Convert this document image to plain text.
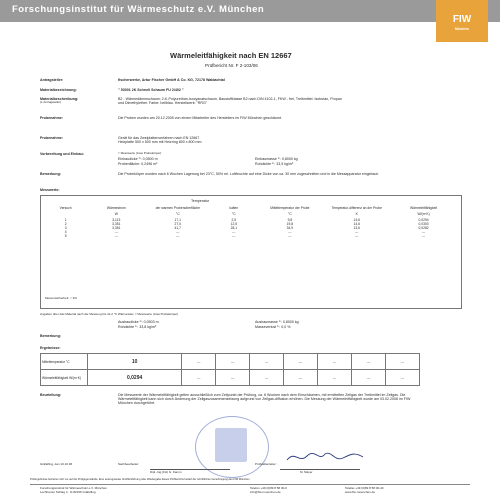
Forschungsinstitut für Wärmeschutz e.V. München
FIW
München
Wärmeleitfähigkeit nach EN 12667
Prüfbericht Nr. F 2-103/06
Antragsteller:	fischerwerke, Artur Fischer GmbH & Co. KG, 72178 Waldachtal
Materialbezeichnung:	" 53001 2K Schnell Schaum FU 2/402 "
Materialbeschreibung:
(1 Antragsteller)
B2 - Wärmedämmschaum; 2-K-Polyurethan-Isocyanatschaum, Baustoffklasse B2 nach DIN 4102-1, FKW - frei, Treibmittel: Isobutan, Propan und Dimethylether. Farbe: hellblau. Herstellwerk: "RRG"
Probenahme:	Die Proben wurden am 20.12.2005 von einem Mitarbeiter des Herstellers im FIW München geschäumt.
Probenahme:	Gerät für das Zweiplattenverfahren nach EN 12667
Heizplatte 500 x 500 mm mit Heizring 800 x 800 mm
Vorbereitung und Einbau:	¹⁾ Messwerte (zwei Probekörper)
Einbaudicke ¹⁾: 0,0500 m
Probenfläche: 0,2496 m²
Einbaumasse ¹⁾: 0,8000 kg
Rohdichte ¹⁾: 33,9 kg/m³
Bemerkung:	Die Probekörper wurden nach 6 Wochen Lagerung bei 23°C, 50% rel. Luftfeuchte auf eine Dicke von ca. 30 mm zugeschnitten und in die Messapparatur eingebaut.
Messwerte:
Temperatur
Versuch	Wärmestrom	der warmen Probenoberfläche	kalten	Mitteltemperatur der Probe	Temperatur-differenz an der Probe	Wärmeleitfähigkeit
	W	°C	°C	°C	K	W/(m·K)
1	3,113	17,1	2,5	9,8	14,6	0,0294
2	3,351	27,0	12,5	19,8	14,6	0,0300
3	3,351	41,7	28,1	34,9	13,6	0,0282
4	---	---	---	---	---	---
5	---	---	---	---	---	---
Messunsicherheit: < 3%
Angaben über das Material nach der Messung bis 41,2 °C Wärmestau: ¹⁾ Messwerte (zwei Probekörper)
Ausbaudicke ¹⁾: 0,0503 m
Rohdichte ¹⁾: 33,8 kg/m³
Ausbaumasse ¹⁾: 0,8000 kg
Masseverlust ¹⁾: 0,0 %
Bemerkung:
Ergebnisse:
Mitteltemperatur °C	10	---	---	---	---	---	---	---
Wärmeleitfähigkeit W/(m·K)	0,0294	---	---	---	---	---	---	---
Beurteilung:	Die Messwerte der Wärmeleitfähigkeit gelten ausschließlich zum Zeitpunkt der Prüfung, ca. 6 Wochen nach dem Einschäumen, mit ermittelten Zellgas der Treibmittel im Zellgas. Die Wärmeleitfähigkeit kann sich durch Änderung der Zellgaszusammensetzung aufgrund von Zellgas-diffusion erhöhen. Die Messung der Wärmeleitfähigkeit wurde am 03.02.2006 im FIW München durchgeführt.
Gräfelfing, den 10.10.06	Sachbearbeiter:	Prüfstellenleiter:
Dipl.-Ing.(FH) G. Kamm	M. Mayer
Prüfergebnisse beziehen sich nur auf die Prüfgegenstände. Eine auszugsweise Veröffentlichung oder Wiedergabe dieses Prüfberichts bedarf der schriftlichen Genehmigung des FIW München
Forschungsinstitut für Wärmeschutz e.V. München
Lochhamer Schlag 4 · D-82166 Gräfelfing
Telefon +49 (0)89 8 58 00-0
info@fiw-muenchen.de
Telefax +49 (0)89 8 58 00-40
www.fiw-muenchen.de
